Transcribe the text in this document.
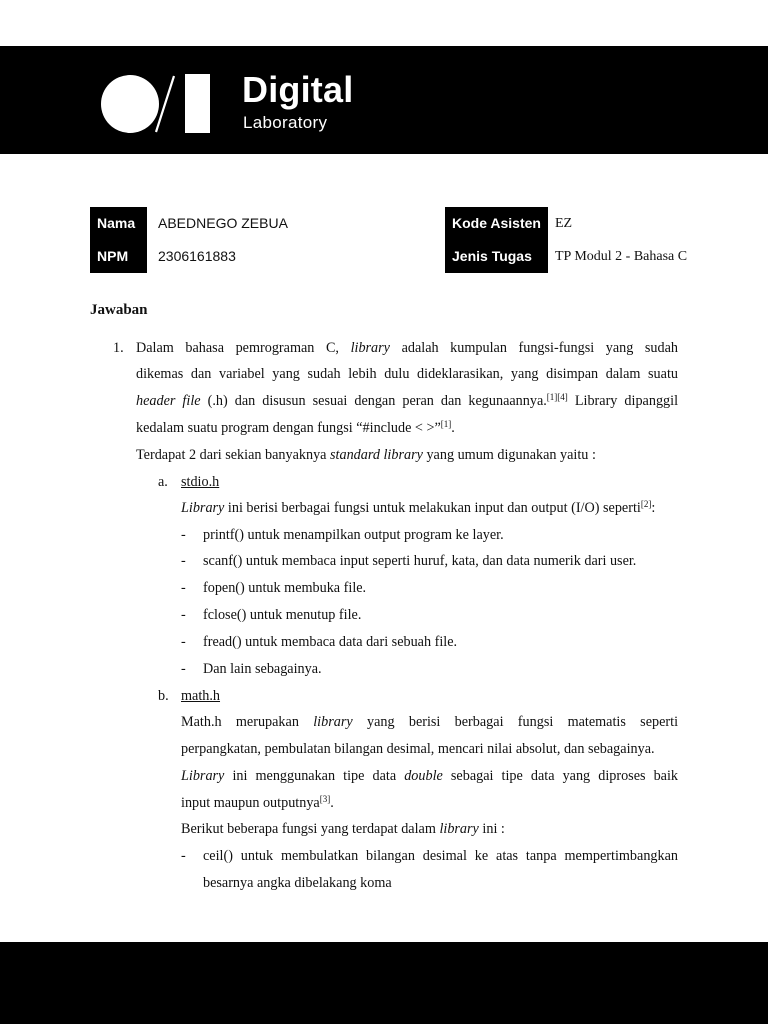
Digital
Laboratory
Nama	ABEDNEGO ZEBUA
NPM	2306161883
Kode Asisten	EZ
Jenis Tugas	TP Modul 2 - Bahasa C
Jawaban
1. Dalam bahasa pemrograman C, library adalah kumpulan fungsi-fungsi yang sudah
dikemas dan variabel yang sudah lebih dulu dideklarasikan, yang disimpan dalam suatu
header file (.h) dan disusun sesuai dengan peran dan kegunaannya.[1][4] Library dipanggil
kedalam suatu program dengan fungsi “#include < >”[1].
Terdapat 2 dari sekian banyaknya standard library yang umum digunakan yaitu :
a. stdio.h
Library ini berisi berbagai fungsi untuk melakukan input dan output (I/O) seperti[2]:
- printf() untuk menampilkan output program ke layer.
- scanf() untuk membaca input seperti huruf, kata, dan data numerik dari user.
- fopen() untuk membuka file.
- fclose() untuk menutup file.
- fread() untuk membaca data dari sebuah file.
- Dan lain sebagainya.
b. math.h
Math.h merupakan library yang berisi berbagai fungsi matematis seperti
perpangkatan, pembulatan bilangan desimal, mencari nilai absolut, dan sebagainya.
Library ini menggunakan tipe data double sebagai tipe data yang diproses baik
input maupun outputnya[3].
Berikut beberapa fungsi yang terdapat dalam library ini :
- ceil() untuk membulatkan bilangan desimal ke atas tanpa mempertimbangkan
besarnya angka dibelakang koma
